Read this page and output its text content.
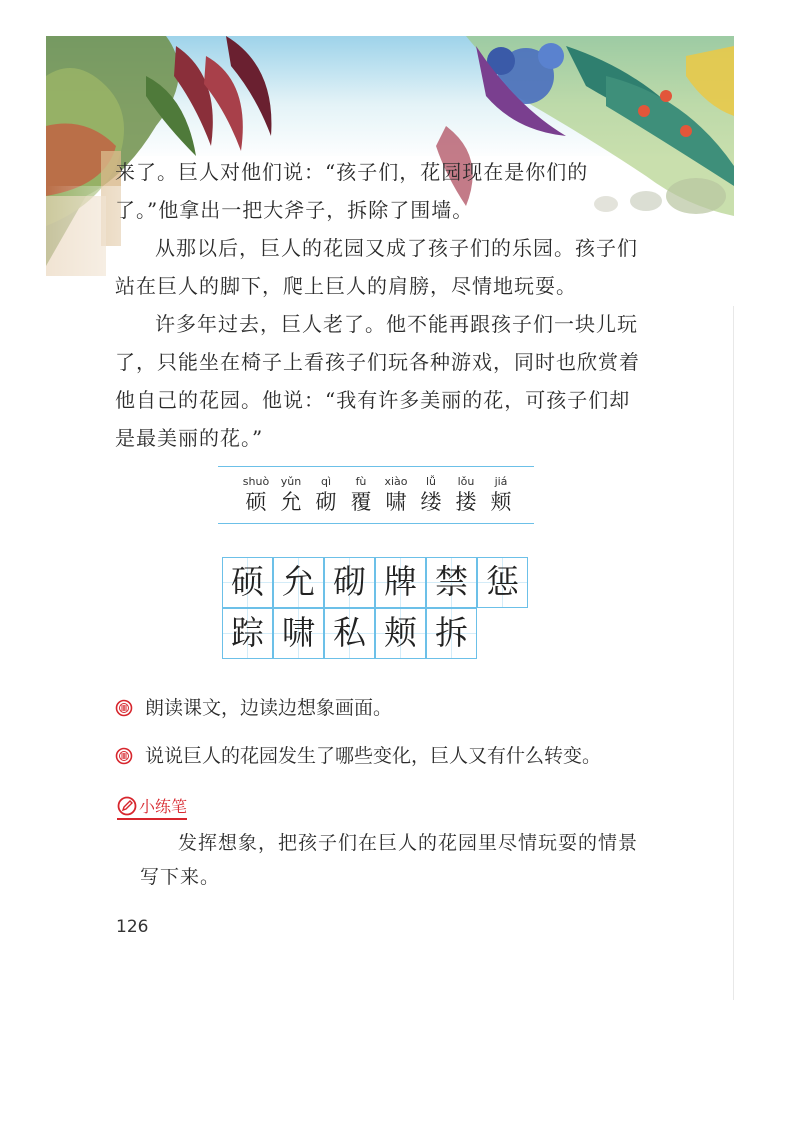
来了。巨人对他们说：“孩子们，花园现在是你们的了。”他拿出一把大斧子，拆除了围墙。

从那以后，巨人的花园又成了孩子们的乐园。孩子们站在巨人的脚下，爬上巨人的肩膀，尽情地玩耍。

许多年过去，巨人老了。他不能再跟孩子们一块儿玩了，只能坐在椅子上看孩子们玩各种游戏，同时也欣赏着他自己的花园。他说：“我有许多美丽的花，可孩子们却是最美丽的花。”

shuò
硕
yǔn
允
qì
砌
fù
覆
xiào
啸
lǚ
缕
lǒu
搂
jiá
颊
硕 允 砌 牌 禁 惩
踪 啸 私 颊 拆
朗读课文，边读边想象画面。
说说巨人的花园发生了哪些变化，巨人又有什么转变。
小练笔

发挥想象，把孩子们在巨人的花园里尽情玩耍的情景写下来。

126
